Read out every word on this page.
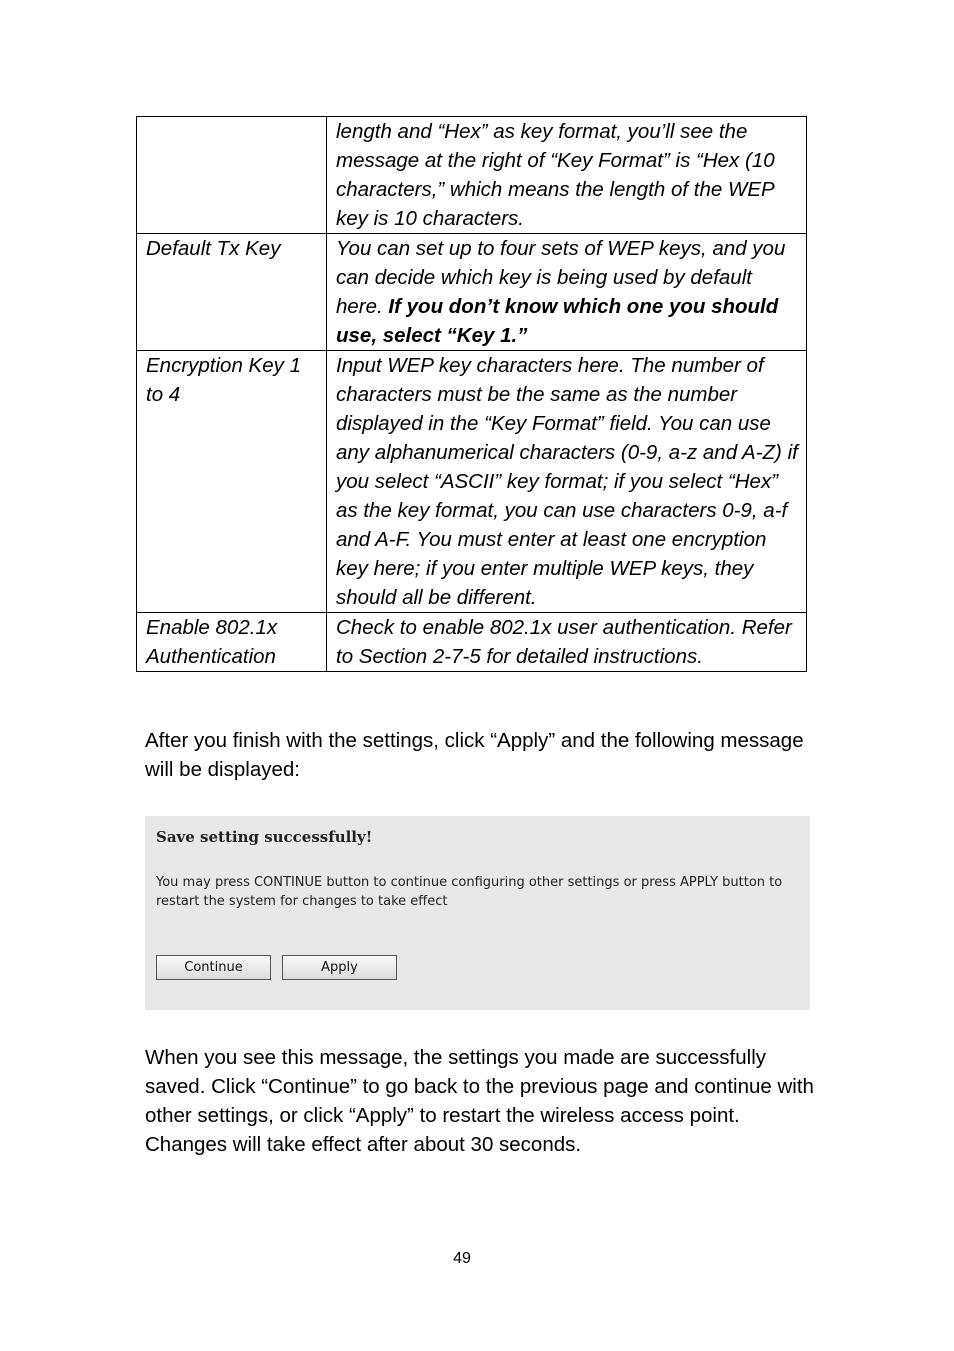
	length and “Hex” as key format, you’ll see the message at the right of “Key Format” is “Hex (10 characters,” which means the length of the WEP key is 10 characters.
Default Tx Key	You can set up to four sets of WEP keys, and you can decide which key is being used by default here. If you don’t know which one you should use, select “Key 1.”
Encryption Key 1 to 4	Input WEP key characters here. The number of characters must be the same as the number displayed in the “Key Format” field. You can use any alphanumerical characters (0-9, a-z and A-Z) if you select “ASCII” key format; if you select “Hex” as the key format, you can use characters 0-9, a-f and A-F. You must enter at least one encryption key here; if you enter multiple WEP keys, they should all be different.
Enable 802.1x Authentication	Check to enable 802.1x user authentication. Refer to Section 2-7-5 for detailed instructions.

After you finish with the settings, click “Apply” and the following message will be displayed:

Save setting successfully!
You may press CONTINUE button to continue configuring other settings or press APPLY button to restart the system for changes to take effect
Continue	Apply

When you see this message, the settings you made are successfully saved. Click “Continue” to go back to the previous page and continue with other settings, or click “Apply” to restart the wireless access point. Changes will take effect after about 30 seconds.

49
